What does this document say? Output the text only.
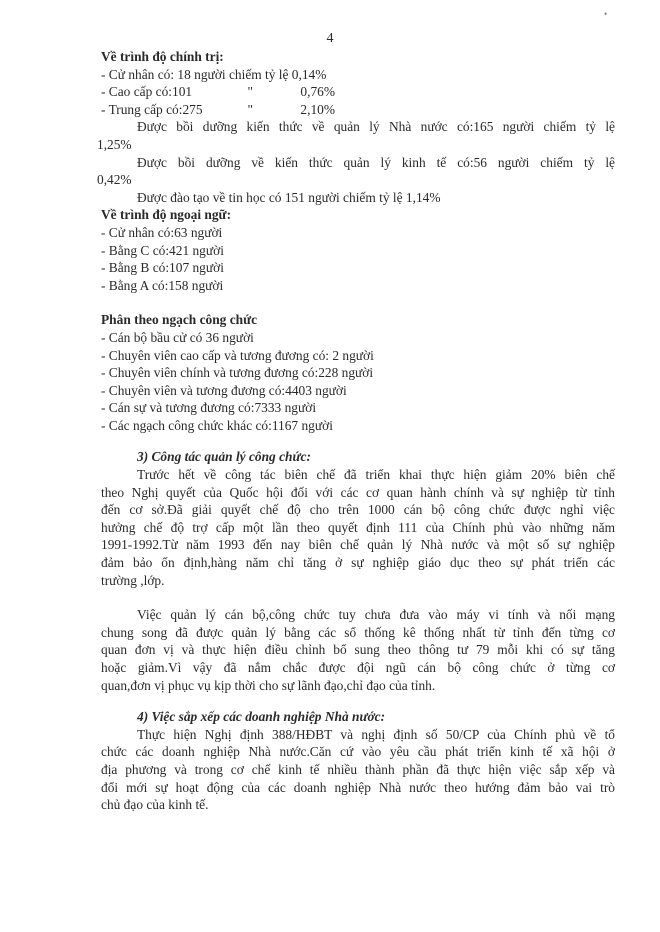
•
4

Về trình độ chính trị:

- Cử nhân có: 18 người chiếm tỷ lệ 0,14%

- Cao cấp có:101	"	0,76%

- Trung cấp có:275	"	2,10%

Được bồi dưỡng kiến thức về quản lý Nhà nước có:165 người chiếm tỷ lệ

1,25%

Được bồi dưỡng về kiến thức quản lý kinh tế có:56 người chiếm tỷ lệ

0,42%

Được đào tạo về tin học có 151 người chiếm tỷ lệ 1,14%

Về trình độ ngoại ngữ:

- Cử nhân có:63 người

- Bằng C có:421 người

- Bằng B có:107 người

- Bằng A có:158 người

Phân theo ngạch công chức

- Cán bộ bầu cử có 36 người

- Chuyên viên cao cấp và tương đương có: 2 người

- Chuyên viên chính và tương đương có:228 người

- Chuyên viên và tương đương có:4403 người

- Cán sự và tương đương có:7333 người

- Các ngạch công chức khác có:1167 người

3) Công tác quản lý công chức:

Trước hết về công tác biên chế đã triển khai thực hiện giảm 20% biên chế

theo Nghị quyết của Quốc hội đối với các cơ quan hành chính và sự nghiệp từ tỉnh

đến cơ sở.Đã giải quyết chế độ cho trên 1000 cán bộ công chức được nghỉ việc

hưởng chế độ trợ cấp một lần theo quyết định 111 của Chính phủ vào những năm

1991-1992.Từ năm 1993 đến nay biên chế quản lý Nhà nước và một số sự nghiệp

đảm bảo ổn định,hàng năm chỉ tăng ở sự nghiệp giáo dục theo sự phát triển các

trường ,lớp.

Việc quản lý cán bộ,công chức tuy chưa đưa vào máy vi tính và nối mạng

chung song đã được quản lý bằng các sổ thống kê thống nhất từ tỉnh đến từng cơ

quan đơn vị và thực hiện điều chỉnh bổ sung theo thông tư 79 mỗi khi có sự tăng

hoặc giảm.Vì vậy đã nắm chắc được đội ngũ cán bộ công chức ở từng cơ

quan,đơn vị phục vụ kịp thời cho sự lãnh đạo,chỉ đạo của tỉnh.

4) Việc sắp xếp các doanh nghiệp Nhà nước:

Thực hiện Nghị định 388/HĐBT và nghị định số 50/CP của Chính phủ về tổ

chức các doanh nghiệp Nhà nước.Căn cứ vào yêu cầu phát triển kinh tế xã hội ở

địa phương và trong cơ chế kinh tế nhiều thành phần đã thực hiện việc sắp xếp và

đổi mới sự hoạt động của các doanh nghiệp Nhà nước theo hướng đảm bảo vai trò

chủ đạo của kinh tế.
